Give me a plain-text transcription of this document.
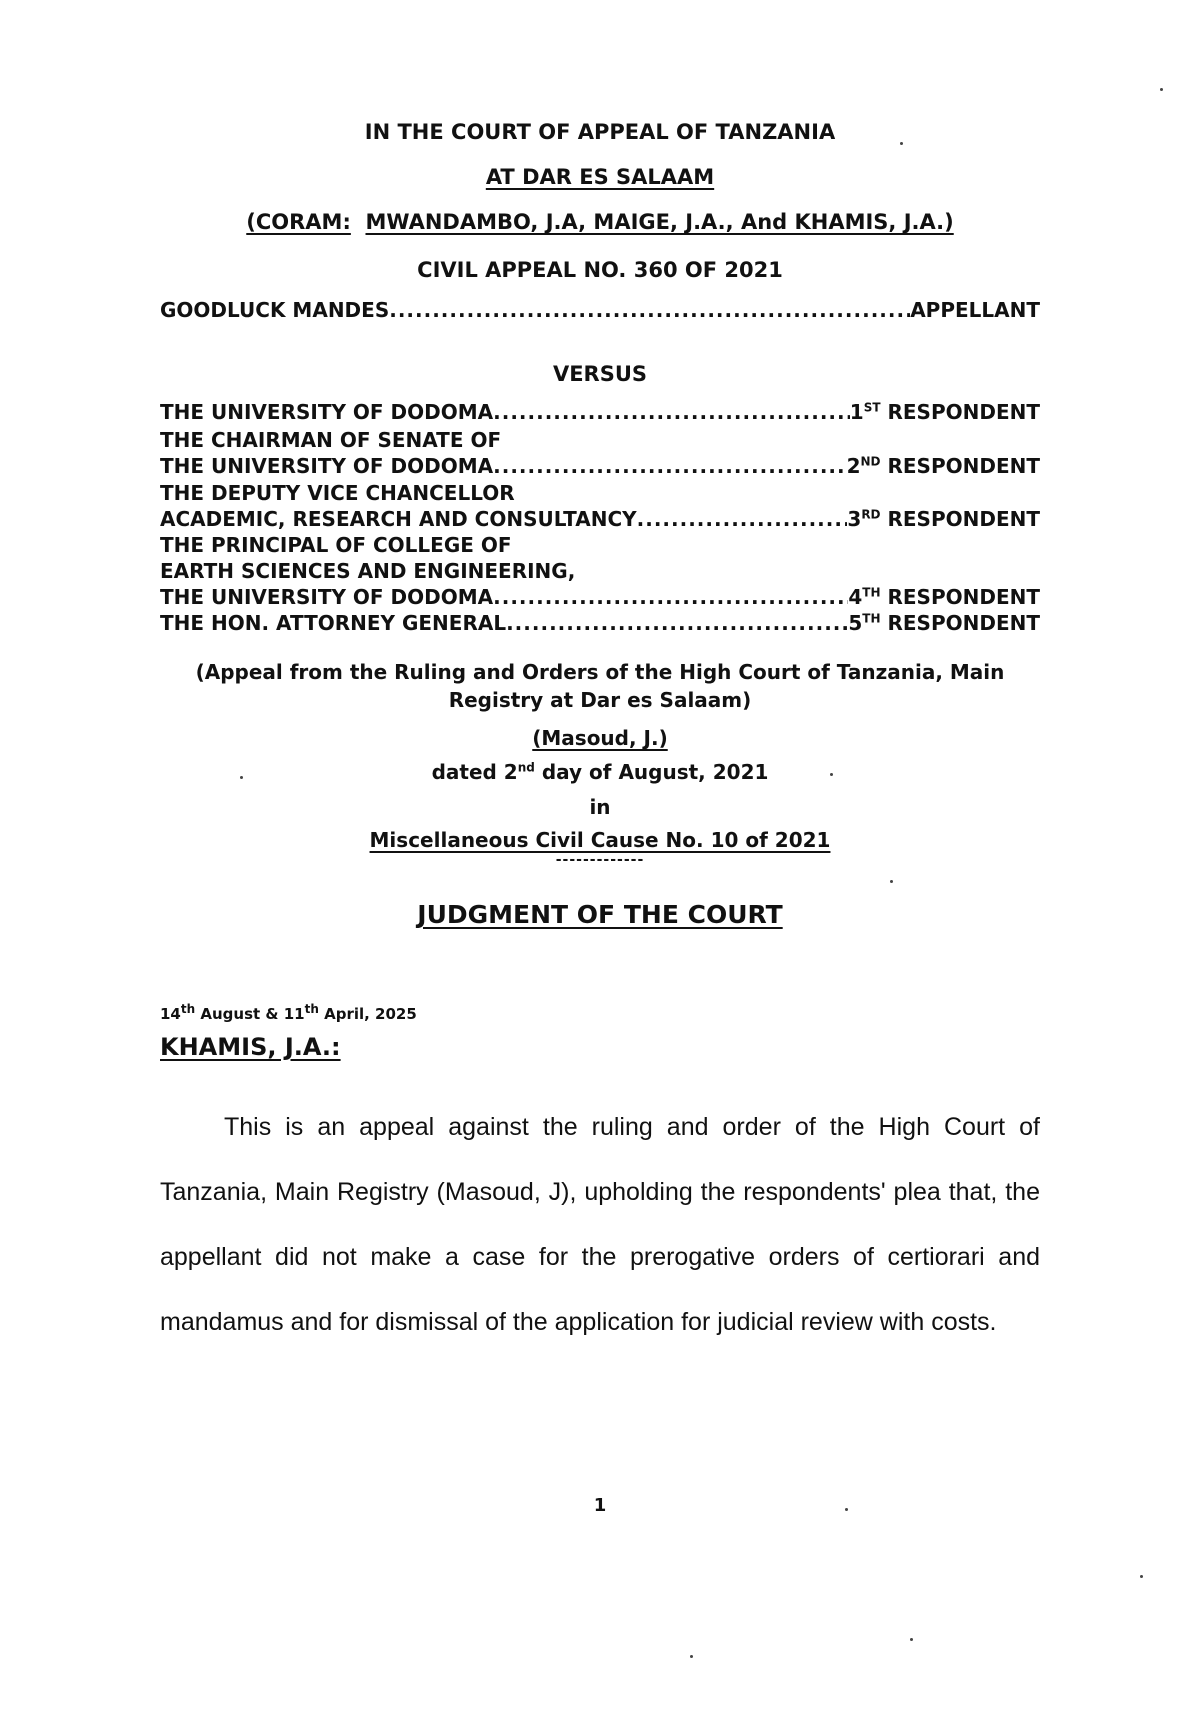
IN THE COURT OF APPEAL OF TANZANIA
AT DAR ES SALAAM
(CORAM: MWANDAMBO, J.A, MAIGE, J.A., And KHAMIS, J.A.)
CIVIL APPEAL NO. 360 OF 2021
GOODLUCK MANDES .....	APPELLANT
VERSUS
THE UNIVERSITY OF DODOMA .....	1ST RESPONDENT
THE CHAIRMAN OF SENATE OF
THE UNIVERSITY OF DODOMA .....	2ND RESPONDENT
THE DEPUTY VICE CHANCELLOR
ACADEMIC, RESEARCH AND CONSULTANCY .....	3RD RESPONDENT
THE PRINCIPAL OF COLLEGE OF
EARTH SCIENCES AND ENGINEERING,
THE UNIVERSITY OF DODOMA .....	4TH RESPONDENT
THE HON. ATTORNEY GENERAL .....	5TH RESPONDENT
(Appeal from the Ruling and Orders of the High Court of Tanzania, Main
Registry at Dar es Salaam)
(Masoud, J.)
dated 2nd day of August, 2021
in
Miscellaneous Civil Cause No. 10 of 2021
-------------
JUDGMENT OF THE COURT
14th August & 11th April, 2025
KHAMIS, J.A.:
This is an appeal against the ruling and order of the High Court of Tanzania, Main Registry (Masoud, J), upholding the respondents' plea that, the appellant did not make a case for the prerogative orders of certiorari and mandamus and for dismissal of the application for judicial review with costs.
1
